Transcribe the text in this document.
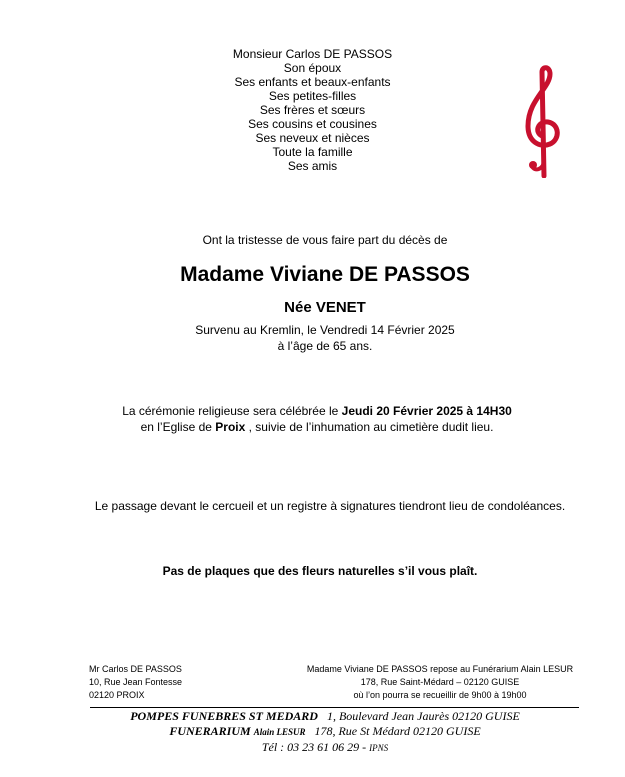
Monsieur Carlos DE PASSOS
Son époux
Ses enfants et beaux-enfants
Ses petites-filles
Ses frères et sœurs
Ses cousins et cousines
Ses neveux et nièces
Toute la famille
Ses amis
Ont la tristesse de vous faire part du décès de
Madame Viviane DE PASSOS
Née VENET
Survenu au Kremlin, le Vendredi 14 Février 2025
à l’âge de 65 ans.
La cérémonie religieuse sera célébrée le Jeudi 20 Février 2025 à 14H30
en l’Eglise de Proix , suivie de l’inhumation au cimetière dudit lieu.
Le passage devant le cercueil et un registre à signatures tiendront lieu de condoléances.
Pas de plaques que des fleurs naturelles s’il vous plaît.
Mr Carlos DE PASSOS
10, Rue Jean Fontesse
02120 PROIX
Madame Viviane DE PASSOS repose au Funérarium Alain LESUR
178, Rue Saint-Médard – 02120 GUISE
où l’on pourra se recueillir de 9h00 à 19h00
POMPES FUNEBRES ST MEDARD 1, Boulevard Jean Jaurès 02120 GUISE
FUNERARIUM Alain LESUR 178, Rue St Médard 02120 GUISE
Tél : 03 23 61 06 29 - IPNS
